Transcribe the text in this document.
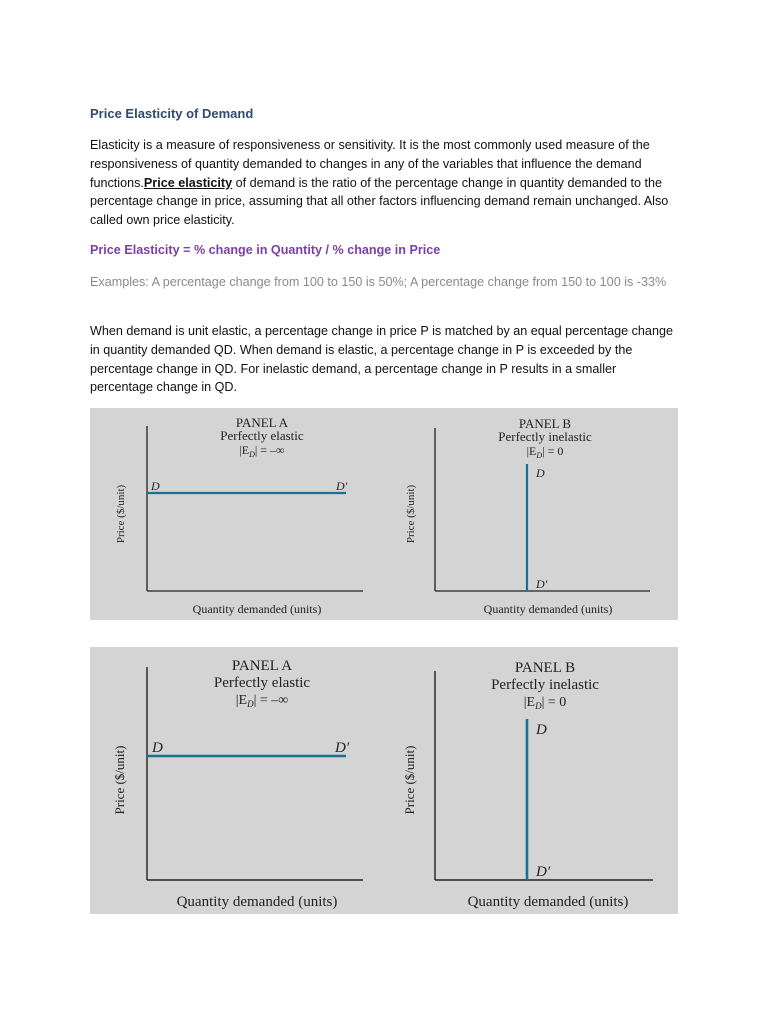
Price Elasticity of Demand
Elasticity is a measure of responsiveness or sensitivity. It is the most commonly used measure of the responsiveness of quantity demanded to changes in any of the variables that influence the demand functions.Price elasticity of demand is the ratio of the percentage change in quantity demanded to the percentage change in price, assuming that all other factors influencing demand remain unchanged. Also called own price elasticity.
Price Elasticity = % change in Quantity / % change in Price
Examples: A percentage change from 100 to 150 is 50%; A percentage change from 150 to 100 is -33%
When demand is unit elastic, a percentage change in price P is matched by an equal percentage change in quantity demanded QD. When demand is elastic, a percentage change in P is exceeded by the percentage change in QD. For inelastic demand, a percentage change in P results in a smaller percentage change in QD.
PANEL A
Perfectly elastic
$|E_D|$ = –∞
D	D′
Price ($/unit)
Quantity demanded (units)
PANEL B
Perfectly inelastic
$|E_D| = 0$
D
D′
Price ($/unit)
Quantity demanded (units)
PANEL A
Perfectly elastic
$|E_D|$ = –∞
D	D′
Price ($/unit)
Quantity demanded (units)
PANEL B
Perfectly inelastic
$|E_D| = 0$
D
D′
Price ($/unit)
Quantity demanded (units)
